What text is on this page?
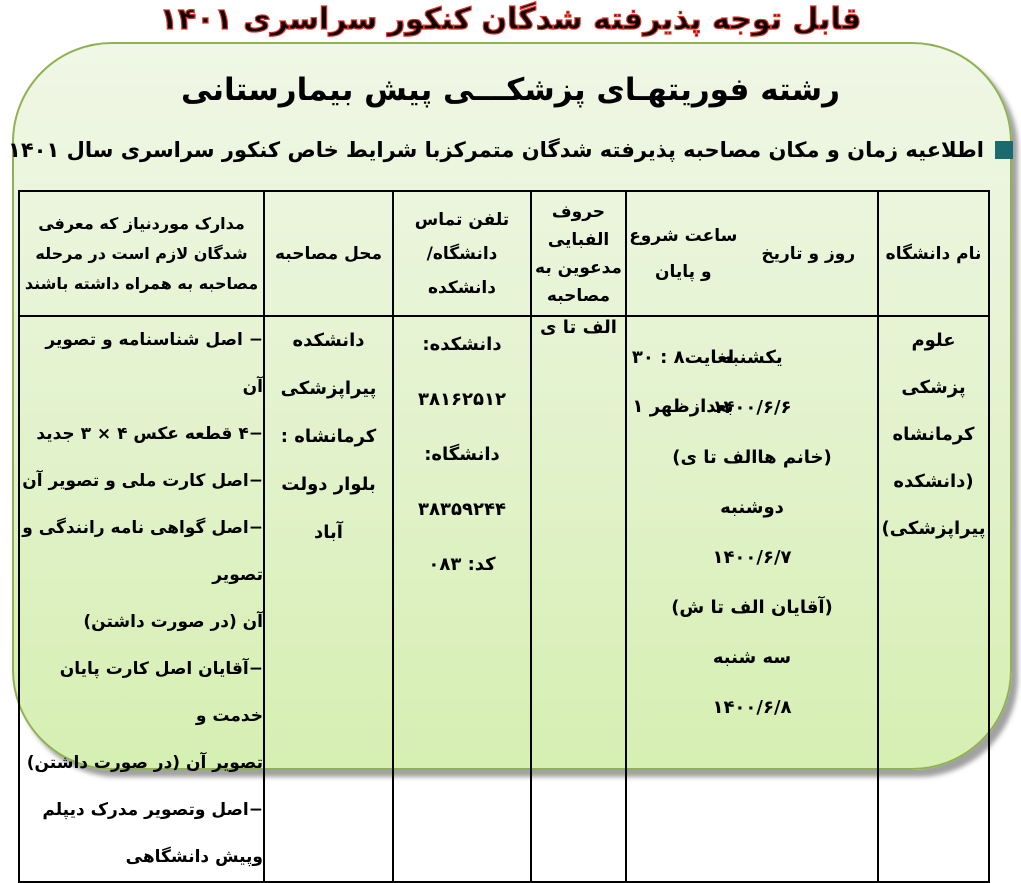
قابل توجه پذیرفته شدگان کنکور سراسری ۱۴۰۱
رشته فوریتهـای پزشکـــی پیش بیمارستانی
اطلاعیه زمان و مکان مصاحبه پذیرفته شدگان متمرکزبا شرایط خاص کنکور سراسری سال ۱۴۰۱
نام دانشگاه

روز و تاریخ
ساعت شروع
و پایان

حروف
الفبایی
مدعوین به
مصاحبه

تلفن تماس
دانشگاه/دانشکده

محل مصاحبه

مدارک موردنیاز که معرفی
شدگان لازم است در مرحله
مصاحبه به همراه داشته باشند

علوم پزشکی
کرمانشاه
(دانشکده
پیراپزشکی)

۳۰ : ۸لغایت
۱ بعدازظهر
یکشنبه
۱۴۰۰/۶/۶
(خانم هاالف تا ی)
دوشنبه
۱۴۰۰/۶/۷
(آقایان الف تا ش)
سه شنبه
۱۴۰۰/۶/۸

الف تا ی

دانشکده:
۳۸۱۶۲۵۱۲
دانشگاه:
۳۸۳۵۹۲۴۴
کد: ۰۸۳

دانشکده
پیراپزشکی
کرمانشاه :
بلوار دولت
آباد

− اصل شناسنامه و تصویر آن
−۴ قطعه عکس ۴ × ۳ جدید
−اصل کارت ملی و تصویر آن
−اصل گواهی نامه رانندگی و تصویر
آن (در صورت داشتن)
−آقایان اصل کارت پایان خدمت و
تصویر آن (در صورت داشتن)
−اصل وتصویر مدرک دیپلم
وپیش دانشگاهی
